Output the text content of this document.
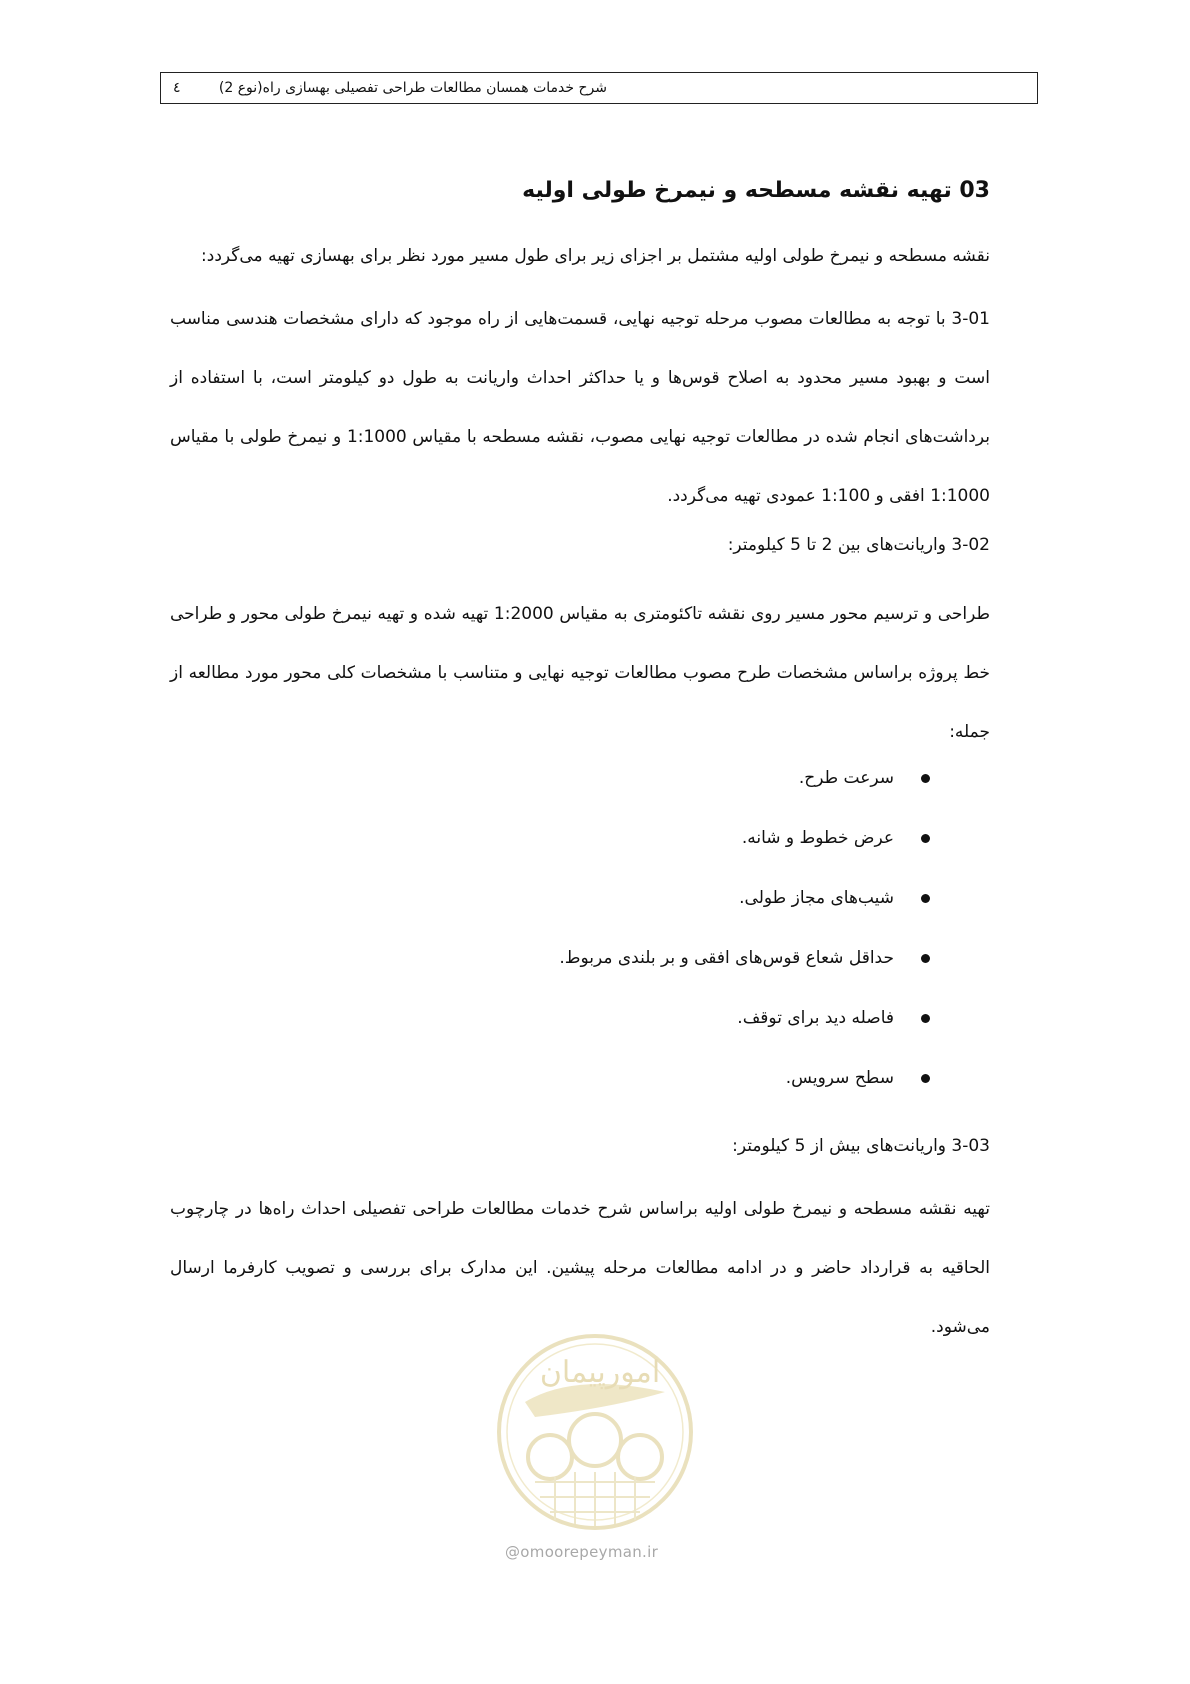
شرح خدمات همسان مطالعات طراحی تفصیلی بهسازی راه(نوع 2)
٤
03 تهیه نقشه مسطحه و نیمرخ طولی اولیه
نقشه مسطحه و نیمرخ طولی اولیه مشتمل بر اجزای زیر برای طول مسیر مورد نظر برای بهسازی تهیه می‌گردد:
3-01 با توجه به مطالعات مصوب مرحله توجیه نهایی، قسمت‌هایی از راه موجود که دارای مشخصات هندسی مناسب است و بهبود مسیر محدود به اصلاح قوس‌ها و یا حداکثر احداث واریانت به طول دو کیلومتر است، با استفاده از برداشت‌های انجام شده در مطالعات توجیه نهایی مصوب، نقشه مسطحه با مقیاس 1:1000 و نیمرخ طولی با مقیاس 1:1000 افقی و 1:100 عمودی تهیه می‌گردد.
3-02 واریانت‌های بین 2 تا 5 کیلومتر:
طراحی و ترسیم محور مسیر روی نقشه تاکئومتری به مقیاس 1:2000 تهیه شده و تهیه نیمرخ طولی محور و طراحی خط پروژه براساس مشخصات طرح مصوب مطالعات توجیه نهایی و متناسب با مشخصات کلی محور مورد مطالعه از جمله:
سرعت طرح.
عرض خطوط و شانه.
شیب‌های مجاز طولی.
حداقل شعاع قوس‌های افقی و بر بلندی مربوط.
فاصله دید برای توقف.
سطح سرویس.
3-03 واریانت‌های بیش از 5 کیلومتر:
تهیه نقشه مسطحه و نیمرخ طولی اولیه براساس شرح خدمات مطالعات طراحی تفصیلی احداث راه‌ها در چارچوب الحاقیه به قرارداد حاضر و در ادامه مطالعات مرحله پیشین. این مدارک برای بررسی و تصویب کارفرما ارسال می‌شود.
امورپیمان
@omoorepeyman.ir
